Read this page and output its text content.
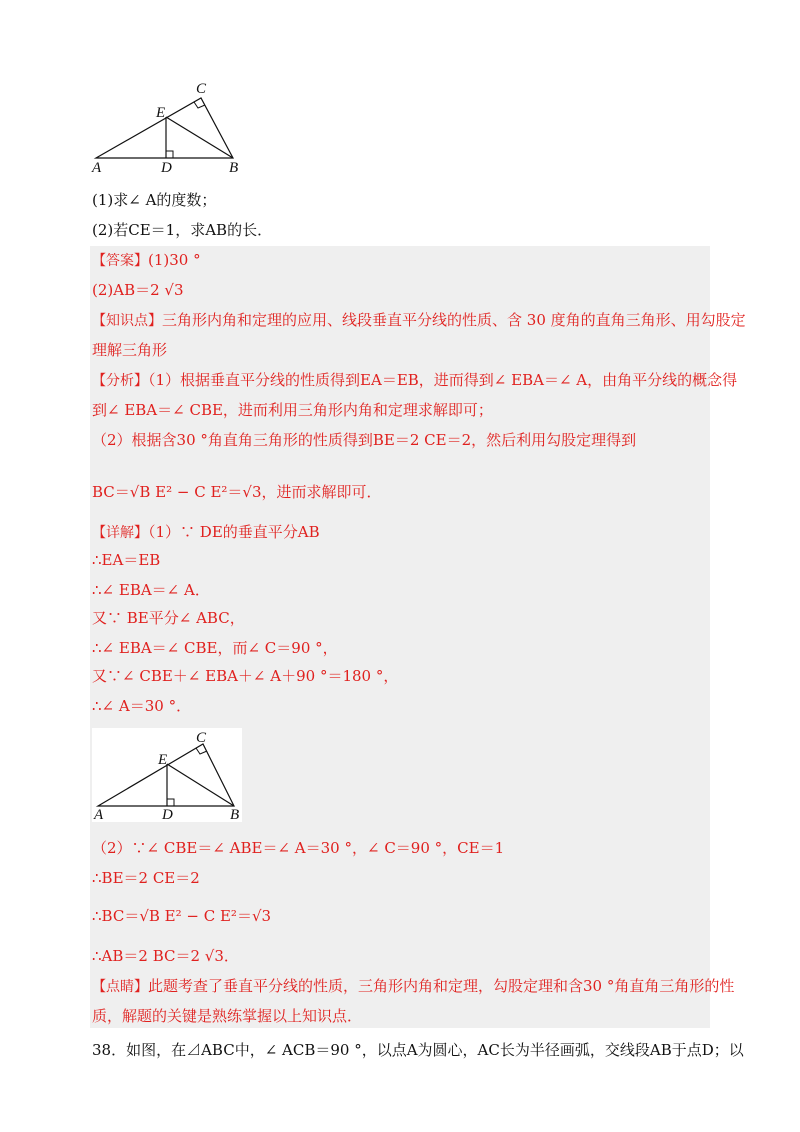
A	B
C
D
E
(1)求∠ A的度数；
(2)若CE＝1，求AB的长．
【答案】(1)30 °
(2)AB＝2 √3
【知识点】三角形内角和定理的应用、线段垂直平分线的性质、含 30 度角的直角三角形、用勾股定
理解三角形
【分析】（1）根据垂直平分线的性质得到EA＝EB，进而得到∠ EBA＝∠ A，由角平分线的概念得
到∠ EBA＝∠ CBE，进而利用三角形内角和定理求解即可；
（2）根据含30 °角直角三角形的性质得到BE＝2 CE＝2，然后利用勾股定理得到
BC＝√B E² − C E²＝√3，进而求解即可．
【详解】（1）∵ DE的垂直平分AB
∴EA＝EB
∴∠ EBA＝∠ A．
又∵ BE平分∠ ABC，
∴∠ EBA＝∠ CBE，而∠ C＝90 °，
又∵∠ CBE＋∠ EBA＋∠ A＋90 °＝180 °，
∴∠ A＝30 °．
A	B
C
D
E
（2）∵∠ CBE＝∠ ABE＝∠ A＝30 °，∠ C＝90 °，CE＝1
∴BE＝2 CE＝2
∴BC＝√B E² − C E²＝√3
∴AB＝2 BC＝2 √3．
【点睛】此题考查了垂直平分线的性质，三角形内角和定理，勾股定理和含30 °角直角三角形的性
质，解题的关键是熟练掌握以上知识点．
38．如图，在⊿ABC中，∠ ACB＝90 °，以点A为圆心，AC长为半径画弧，交线段AB于点D；以
